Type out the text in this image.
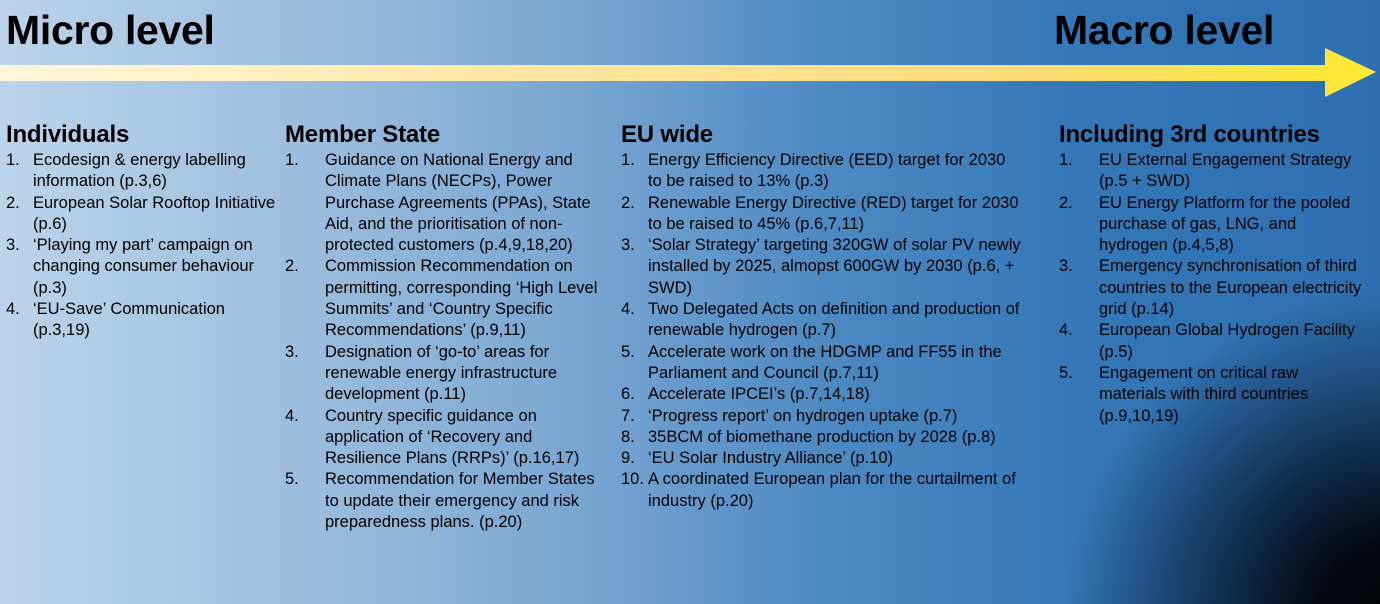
Micro level	Macro level
Individuals
1. Ecodesign & energy labelling information (p.3,6)
2. European Solar Rooftop Initiative (p.6)
3. ‘Playing my part’ campaign on changing consumer behaviour (p.3)
4. ‘EU-Save’ Communication (p.3,19)
Member State
1. Guidance on National Energy and Climate Plans (NECPs), Power Purchase Agreements (PPAs), State Aid, and the prioritisation of non-protected customers (p.4,9,18,20)
2. Commission Recommendation on permitting, corresponding ‘High Level Summits’ and ‘Country Specific Recommendations’ (p.9,11)
3. Designation of ‘go-to’ areas for renewable energy infrastructure development (p.11)
4. Country specific guidance on application of ‘Recovery and Resilience Plans (RRPs)’ (p.16,17)
5. Recommendation for Member States to update their emergency and risk preparedness plans. (p.20)
EU wide
1. Energy Efficiency Directive (EED) target for 2030 to be raised to 13% (p.3)
2. Renewable Energy Directive (RED) target for 2030 to be raised to 45% (p.6,7,11)
3. ‘Solar Strategy’ targeting 320GW of solar PV newly installed by 2025, almopst 600GW by 2030 (p.6, + SWD)
4. Two Delegated Acts on definition and production of renewable hydrogen (p.7)
5. Accelerate work on the HDGMP and FF55 in the Parliament and Council (p.7,11)
6. Accelerate IPCEI’s (p.7,14,18)
7. ‘Progress report’ on hydrogen uptake (p.7)
8. 35BCM of biomethane production by 2028 (p.8)
9. ‘EU Solar Industry Alliance’ (p.10)
10. A coordinated European plan for the curtailment of industry (p.20)
Including 3rd countries
1. EU External Engagement Strategy (p.5 + SWD)
2. EU Energy Platform for the pooled purchase of gas, LNG, and hydrogen (p.4,5,8)
3. Emergency synchronisation of third countries to the European electricity grid (p.14)
4. European Global Hydrogen Facility (p.5)
5. Engagement on critical raw materials with third countries (p.9,10,19)
